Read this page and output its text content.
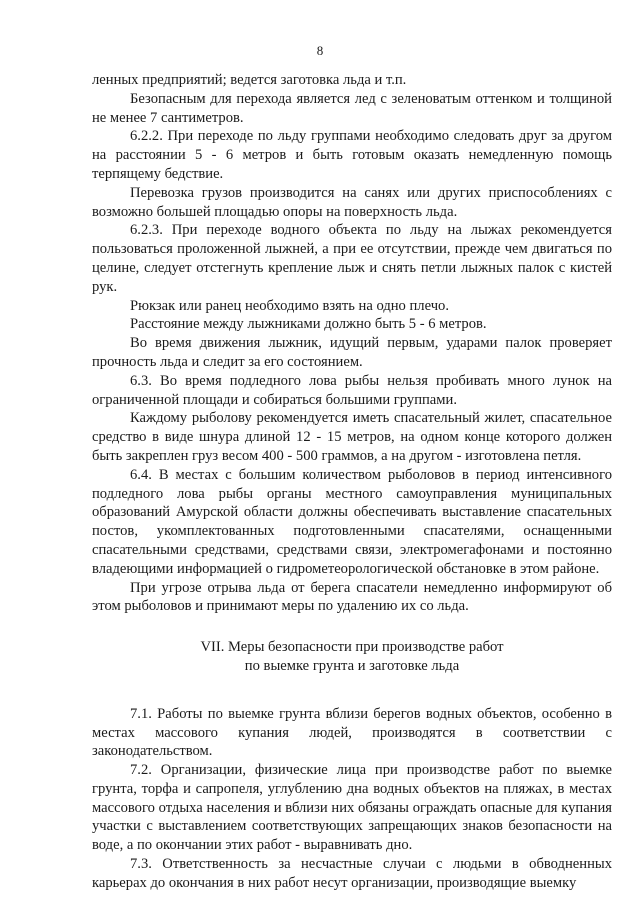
8

ленных предприятий; ведется заготовка льда и т.п.

Безопасным для перехода является лед с зеленоватым оттенком и толщиной не менее 7 сантиметров.

6.2.2. При переходе по льду группами необходимо следовать друг за другом на расстоянии 5 - 6 метров и быть готовым оказать немедленную помощь терпящему бедствие.

Перевозка грузов производится на санях или других приспособлениях с возможно большей площадью опоры на поверхность льда.

6.2.3. При переходе водного объекта по льду на лыжах рекомендуется пользоваться проложенной лыжней, а при ее отсутствии, прежде чем двигаться по целине, следует отстегнуть крепление лыж и снять петли лыжных палок с кистей рук.

Рюкзак или ранец необходимо взять на одно плечо.

Расстояние между лыжниками должно быть 5 - 6 метров.

Во время движения лыжник, идущий первым, ударами палок проверяет прочность льда и следит за его состоянием.

6.3. Во время подледного лова рыбы нельзя пробивать много лунок на ограниченной площади и собираться большими группами.

Каждому рыболову рекомендуется иметь спасательный жилет, спасательное средство в виде шнура длиной 12 - 15 метров, на одном конце которого должен быть закреплен груз весом 400 - 500 граммов, а на другом - изготовлена петля.

6.4. В местах с большим количеством рыболовов в период интенсивного подледного лова рыбы органы местного самоуправления муниципальных образований Амурской области должны обеспечивать выставление спасательных постов, укомплектованных подготовленными спасателями, оснащенными спасательными средствами, средствами связи, электромегафонами и постоянно владеющими информацией о гидрометеорологической обстановке в этом районе.

При угрозе отрыва льда от берега спасатели немедленно информируют об этом рыболовов и принимают меры по удалению их со льда.

VII. Меры безопасности при производстве работ

по выемке грунта и заготовке льда

7.1. Работы по выемке грунта вблизи берегов водных объектов, особенно в местах массового купания людей, производятся в соответствии с законодательством.

7.2. Организации, физические лица при производстве работ по выемке грунта, торфа и сапропеля, углублению дна водных объектов на пляжах, в местах массового отдыха населения и вблизи них обязаны ограждать опасные для купания участки с выставлением соответствующих запрещающих знаков безопасности на воде, а по окончании этих работ - выравнивать дно.

7.3. Ответственность за несчастные случаи с людьми в обводненных карьерах до окончания в них работ несут организации, производящие выемку
